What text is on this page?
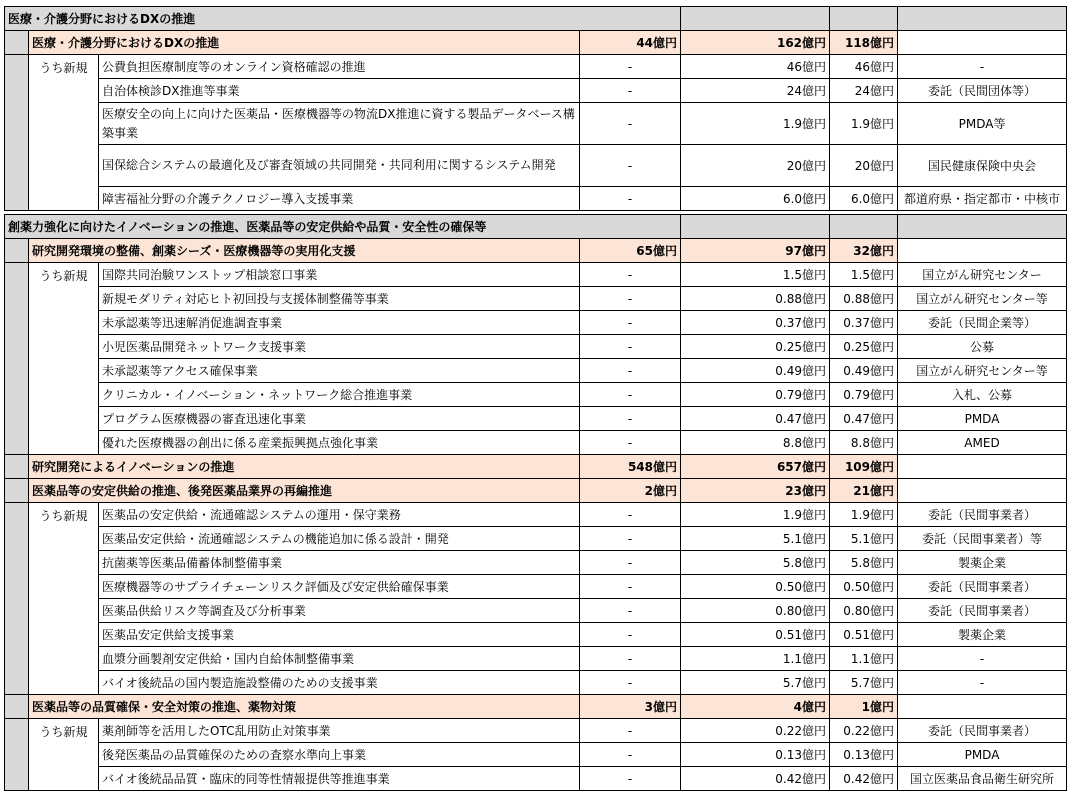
医療・介護分野におけるDXの推進						
	医療・介護分野におけるDXの推進		44億円	162億円	118億円	
	うち新規	公費負担医療制度等のオンライン資格確認の推進	-	46億円	46億円	-
		自治体検診DX推進等事業	-	24億円	24億円	委託（民間団体等）
		医療安全の向上に向けた医薬品・医療機器等の物流DX推進に資する製品データベース構築事業	-	1.9億円	1.9億円	PMDA等
		国保総合システムの最適化及び審査領域の共同開発・共同利用に関するシステム開発	-	20億円	20億円	国民健康保険中央会
		障害福祉分野の介護テクノロジー導入支援事業	-	6.0億円	6.0億円	都道府県・指定都市・中核市
創薬力強化に向けたイノベーションの推進、医薬品等の安定供給や品質・安全性の確保等						
	研究開発環境の整備、創薬シーズ・医療機器等の実用化支援		65億円	97億円	32億円	
	うち新規	国際共同治験ワンストップ相談窓口事業	-	1.5億円	1.5億円	国立がん研究センター
		新規モダリティ対応ヒト初回投与支援体制整備等事業	-	0.88億円	0.88億円	国立がん研究センター等
		未承認薬等迅速解消促進調査事業	-	0.37億円	0.37億円	委託（民間企業等）
		小児医薬品開発ネットワーク支援事業	-	0.25億円	0.25億円	公募
		未承認薬等アクセス確保事業	-	0.49億円	0.49億円	国立がん研究センター等
		クリニカル・イノベーション・ネットワーク総合推進事業	-	0.79億円	0.79億円	入札、公募
		プログラム医療機器の審査迅速化事業	-	0.47億円	0.47億円	PMDA
		優れた医療機器の創出に係る産業振興拠点強化事業	-	8.8億円	8.8億円	AMED
	研究開発によるイノベーションの推進		548億円	657億円	109億円	
	医薬品等の安定供給の推進、後発医薬品業界の再編推進		2億円	23億円	21億円	
	うち新規	医薬品の安定供給・流通確認システムの運用・保守業務	-	1.9億円	1.9億円	委託（民間事業者）
		医薬品安定供給・流通確認システムの機能追加に係る設計・開発	-	5.1億円	5.1億円	委託（民間事業者）等
		抗菌薬等医薬品備蓄体制整備事業	-	5.8億円	5.8億円	製薬企業
		医療機器等のサプライチェーンリスク評価及び安定供給確保事業	-	0.50億円	0.50億円	委託（民間事業者）
		医薬品供給リスク等調査及び分析事業	-	0.80億円	0.80億円	委託（民間事業者）
		医薬品安定供給支援事業	-	0.51億円	0.51億円	製薬企業
		血漿分画製剤安定供給・国内自給体制整備事業	-	1.1億円	1.1億円	-
		バイオ後続品の国内製造施設整備のための支援事業	-	5.7億円	5.7億円	-
	医薬品等の品質確保・安全対策の推進、薬物対策		3億円	4億円	1億円	
	うち新規	薬剤師等を活用したOTC乱用防止対策事業	-	0.22億円	0.22億円	委託（民間事業者）
		後発医薬品の品質確保のための査察水準向上事業	-	0.13億円	0.13億円	PMDA
		バイオ後続品品質・臨床的同等性情報提供等推進事業	-	0.42億円	0.42億円	国立医薬品食品衛生研究所
